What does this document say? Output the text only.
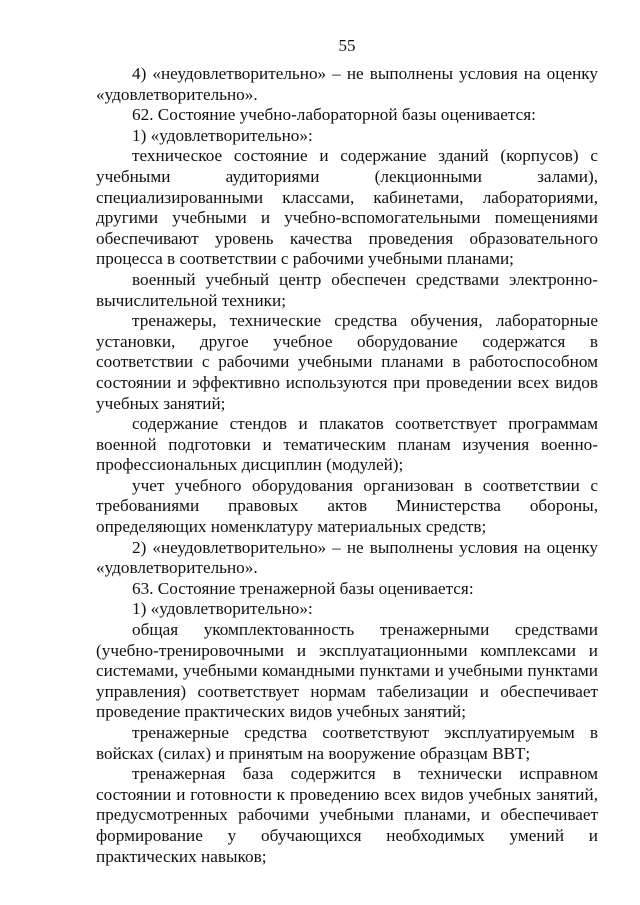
55

4) «неудовлетворительно» – не выполнены условия на оценку «удовлетворительно».

62. Состояние учебно-лабораторной базы оценивается:

1) «удовлетворительно»:

техническое состояние и содержание зданий (корпусов) с учебными аудиториями (лекционными залами), специализированными классами, кабинетами, лабораториями, другими учебными и учебно-вспомогательными помещениями обеспечивают уровень качества проведения образовательного процесса в соответствии с рабочими учебными планами;

военный учебный центр обеспечен средствами электронно-вычислительной техники;

тренажеры, технические средства обучения, лабораторные установки, другое учебное оборудование содержатся в соответствии с рабочими учебными планами в работоспособном состоянии и эффективно используются при проведении всех видов учебных занятий;

содержание стендов и плакатов соответствует программам военной подготовки и тематическим планам изучения военно-профессиональных дисциплин (модулей);

учет учебного оборудования организован в соответствии с требованиями правовых актов Министерства обороны, определяющих номенклатуру материальных средств;

2) «неудовлетворительно» – не выполнены условия на оценку «удовлетворительно».

63. Состояние тренажерной базы оценивается:

1) «удовлетворительно»:

общая укомплектованность тренажерными средствами (учебно-тренировочными и эксплуатационными комплексами и системами, учебными командными пунктами и учебными пунктами управления) соответствует нормам табелизации и обеспечивает проведение практических видов учебных занятий;

тренажерные средства соответствуют эксплуатируемым в войсках (силах) и принятым на вооружение образцам ВВТ;

тренажерная база содержится в технически исправном состоянии и готовности к проведению всех видов учебных занятий, предусмотренных рабочими учебными планами, и обеспечивает формирование у обучающихся необходимых умений и практических навыков;
